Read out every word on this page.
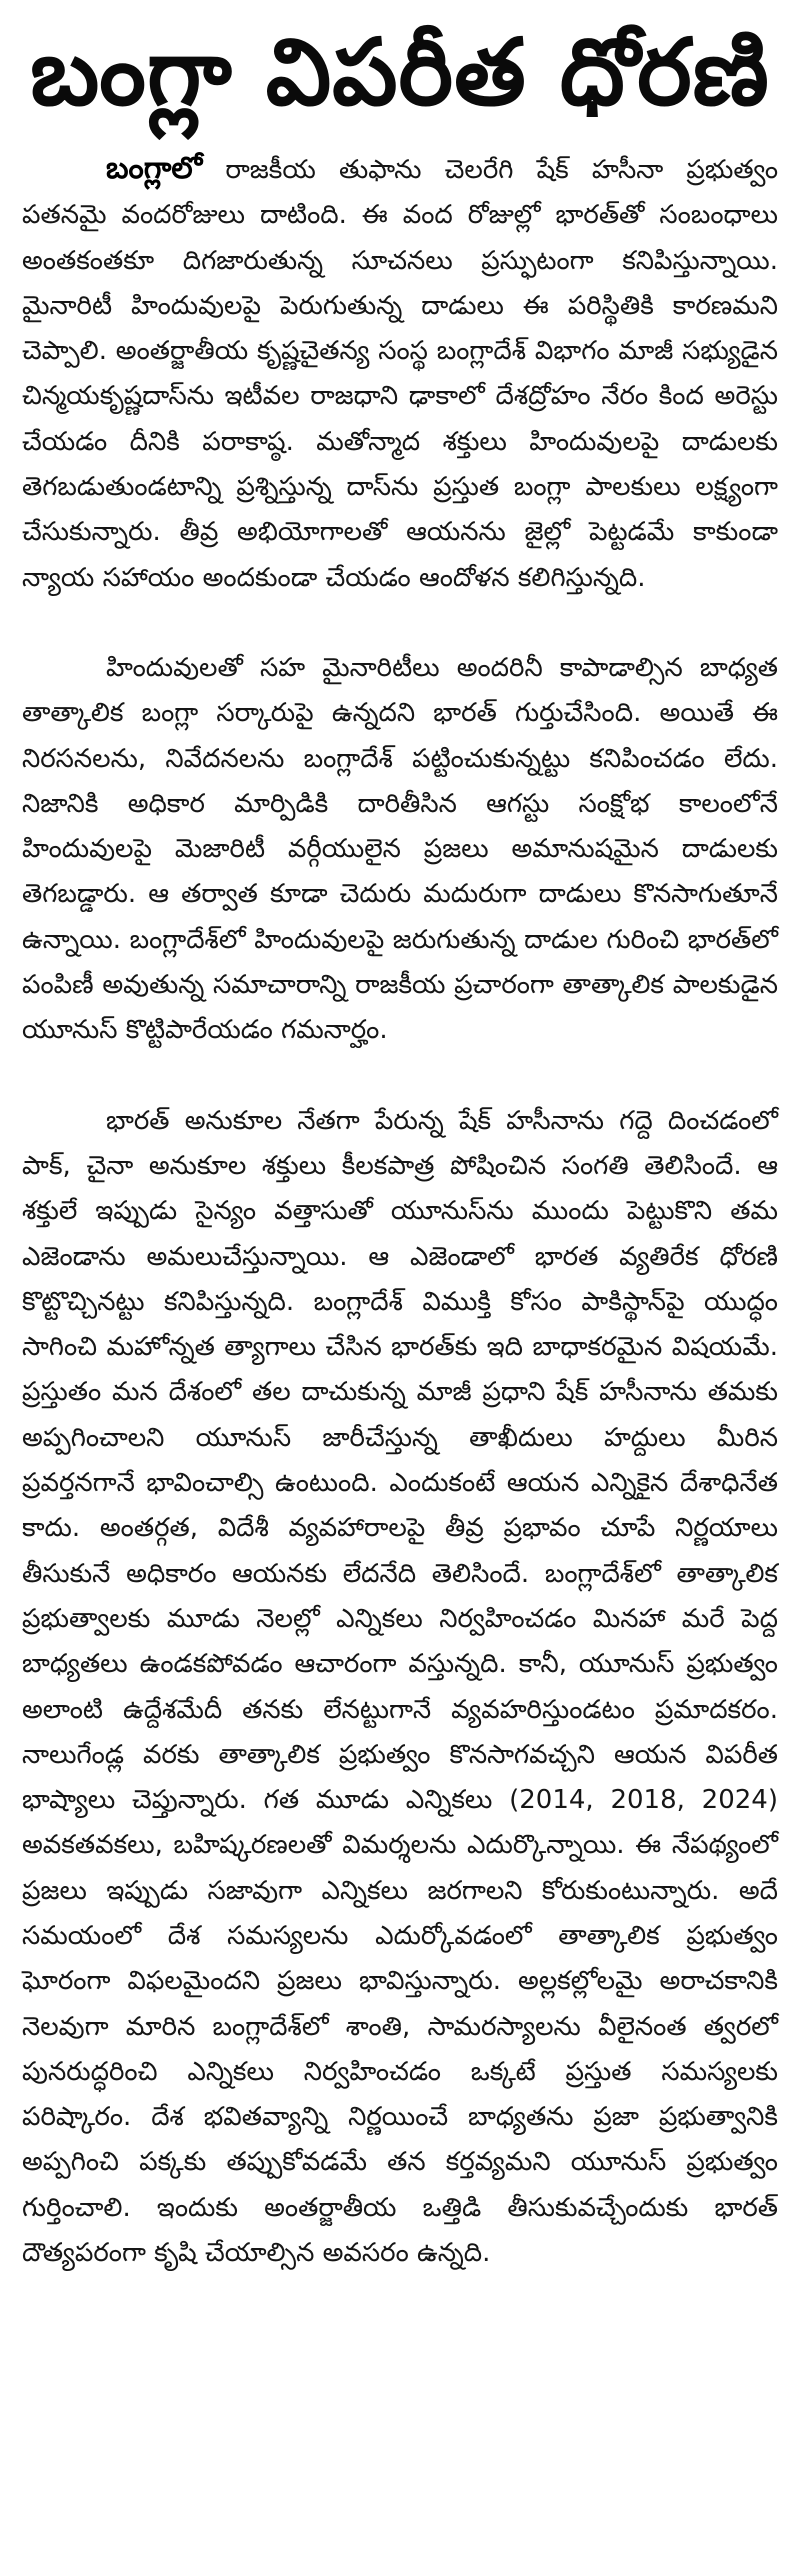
బంగ్లా విపరీత ధోరణి

బంగ్లాలో రాజకీయ తుఫాను చెలరేగి షేక్ హసీనా ప్రభుత్వం పతనమై వందరోజులు దాటింది. ఈ వంద రోజుల్లో భారత్‌తో సంబంధాలు అంతకంతకూ దిగజారుతున్న సూచనలు ప్రస్ఫుటంగా కనిపిస్తున్నాయి. మైనారిటీ హిందువులపై పెరుగుతున్న దాడులు ఈ పరిస్థితికి కారణమని చెప్పాలి. అంతర్జాతీయ కృష్ణచైతన్య సంస్థ బంగ్లాదేశ్ విభాగం మాజీ సభ్యుడైన చిన్మయకృష్ణదాస్‌ను ఇటీవల రాజధాని ఢాకాలో దేశద్రోహం నేరం కింద అరెస్టు చేయడం దీనికి పరాకాష్ఠ. మతోన్మాద శక్తులు హిందువులపై దాడులకు తెగబడుతుండటాన్ని ప్రశ్నిస్తున్న దాస్‌ను ప్రస్తుత బంగ్లా పాలకులు లక్ష్యంగా చేసుకున్నారు. తీవ్ర అభియోగాలతో ఆయనను జైల్లో పెట్టడమే కాకుండా న్యాయ సహాయం అందకుండా చేయడం ఆందోళన కలిగిస్తున్నది.

హిందువులతో సహ మైనారిటీలు అందరినీ కాపాడాల్సిన బాధ్యత తాత్కాలిక బంగ్లా సర్కారుపై ఉన్నదని భారత్ గుర్తుచేసింది. అయితే ఈ నిరసనలను, నివేదనలను బంగ్లాదేశ్ పట్టించుకున్నట్టు కనిపించడం లేదు. నిజానికి అధికార మార్పిడికి దారితీసిన ఆగస్టు సంక్షోభ కాలంలోనే హిందువులపై మెజారిటీ వర్గీయులైన ప్రజలు అమానుషమైన దాడులకు తెగబడ్డారు. ఆ తర్వాత కూడా చెదురు మదురుగా దాడులు కొనసాగుతూనే ఉన్నాయి. బంగ్లాదేశ్‌లో హిందువులపై జరుగుతున్న దాడుల గురించి భారత్‌లో పంపిణీ అవుతున్న సమాచారాన్ని రాజకీయ ప్రచారంగా తాత్కాలిక పాలకుడైన యూనుస్ కొట్టిపారేయడం గమనార్హం.

భారత్ అనుకూల నేతగా పేరున్న షేక్ హసీనాను గద్దె దించడంలో పాక్, చైనా అనుకూల శక్తులు కీలకపాత్ర పోషించిన సంగతి తెలిసిందే. ఆ శక్తులే ఇప్పుడు సైన్యం వత్తాసుతో యూనుస్‌ను ముందు పెట్టుకొని తమ ఎజెండాను అమలుచేస్తున్నాయి. ఆ ఎజెండాలో భారత వ్యతిరేక ధోరణి కొట్టొచ్చినట్టు కనిపిస్తున్నది. బంగ్లాదేశ్ విముక్తి కోసం పాకిస్థాన్‌పై యుద్ధం సాగించి మహోన్నత త్యాగాలు చేసిన భారత్‌కు ఇది బాధాకరమైన విషయమే. ప్రస్తుతం మన దేశంలో తల దాచుకున్న మాజీ ప్రధాని షేక్ హసీనాను తమకు అప్పగించాలని యూనుస్ జారీచేస్తున్న తాఖీదులు హద్దులు మీరిన ప్రవర్తనగానే భావించాల్సి ఉంటుంది. ఎందుకంటే ఆయన ఎన్నికైన దేశాధినేత కాదు. అంతర్గత, విదేశీ వ్యవహారాలపై తీవ్ర ప్రభావం చూపే నిర్ణయాలు తీసుకునే అధికారం ఆయనకు లేదనేది తెలిసిందే. బంగ్లాదేశ్‌లో తాత్కాలిక ప్రభుత్వాలకు మూడు నెలల్లో ఎన్నికలు నిర్వహించడం మినహా మరే పెద్ద బాధ్యతలు ఉండకపోవడం ఆచారంగా వస్తున్నది. కానీ, యూనుస్ ప్రభుత్వం అలాంటి ఉద్దేశమేదీ తనకు లేనట్టుగానే వ్యవహరిస్తుండటం ప్రమాదకరం. నాలుగేండ్ల వరకు తాత్కాలిక ప్రభుత్వం కొనసాగవచ్చని ఆయన విపరీత భాష్యాలు చెప్తున్నారు. గత మూడు ఎన్నికలు (2014, 2018, 2024) అవకతవకలు, బహిష్కరణలతో విమర్శలను ఎదుర్కొన్నాయి. ఈ నేపథ్యంలో ప్రజలు ఇప్పుడు సజావుగా ఎన్నికలు జరగాలని కోరుకుంటున్నారు. అదే సమయంలో దేశ సమస్యలను ఎదుర్కోవడంలో తాత్కాలిక ప్రభుత్వం ఘోరంగా విఫలమైందని ప్రజలు భావిస్తున్నారు. అల్లకల్లోలమై అరాచకానికి నెలవుగా మారిన బంగ్లాదేశ్‌లో శాంతి, సామరస్యాలను వీలైనంత త్వరలో పునరుద్ధరించి ఎన్నికలు నిర్వహించడం ఒక్కటే ప్రస్తుత సమస్యలకు పరిష్కారం. దేశ భవితవ్యాన్ని నిర్ణయించే బాధ్యతను ప్రజా ప్రభుత్వానికి అప్పగించి పక్కకు తప్పుకోవడమే తన కర్తవ్యమని యూనుస్ ప్రభుత్వం గుర్తించాలి. ఇందుకు అంతర్జాతీయ ఒత్తిడి తీసుకువచ్చేందుకు భారత్ దౌత్యపరంగా కృషి చేయాల్సిన అవసరం ఉన్నది.
